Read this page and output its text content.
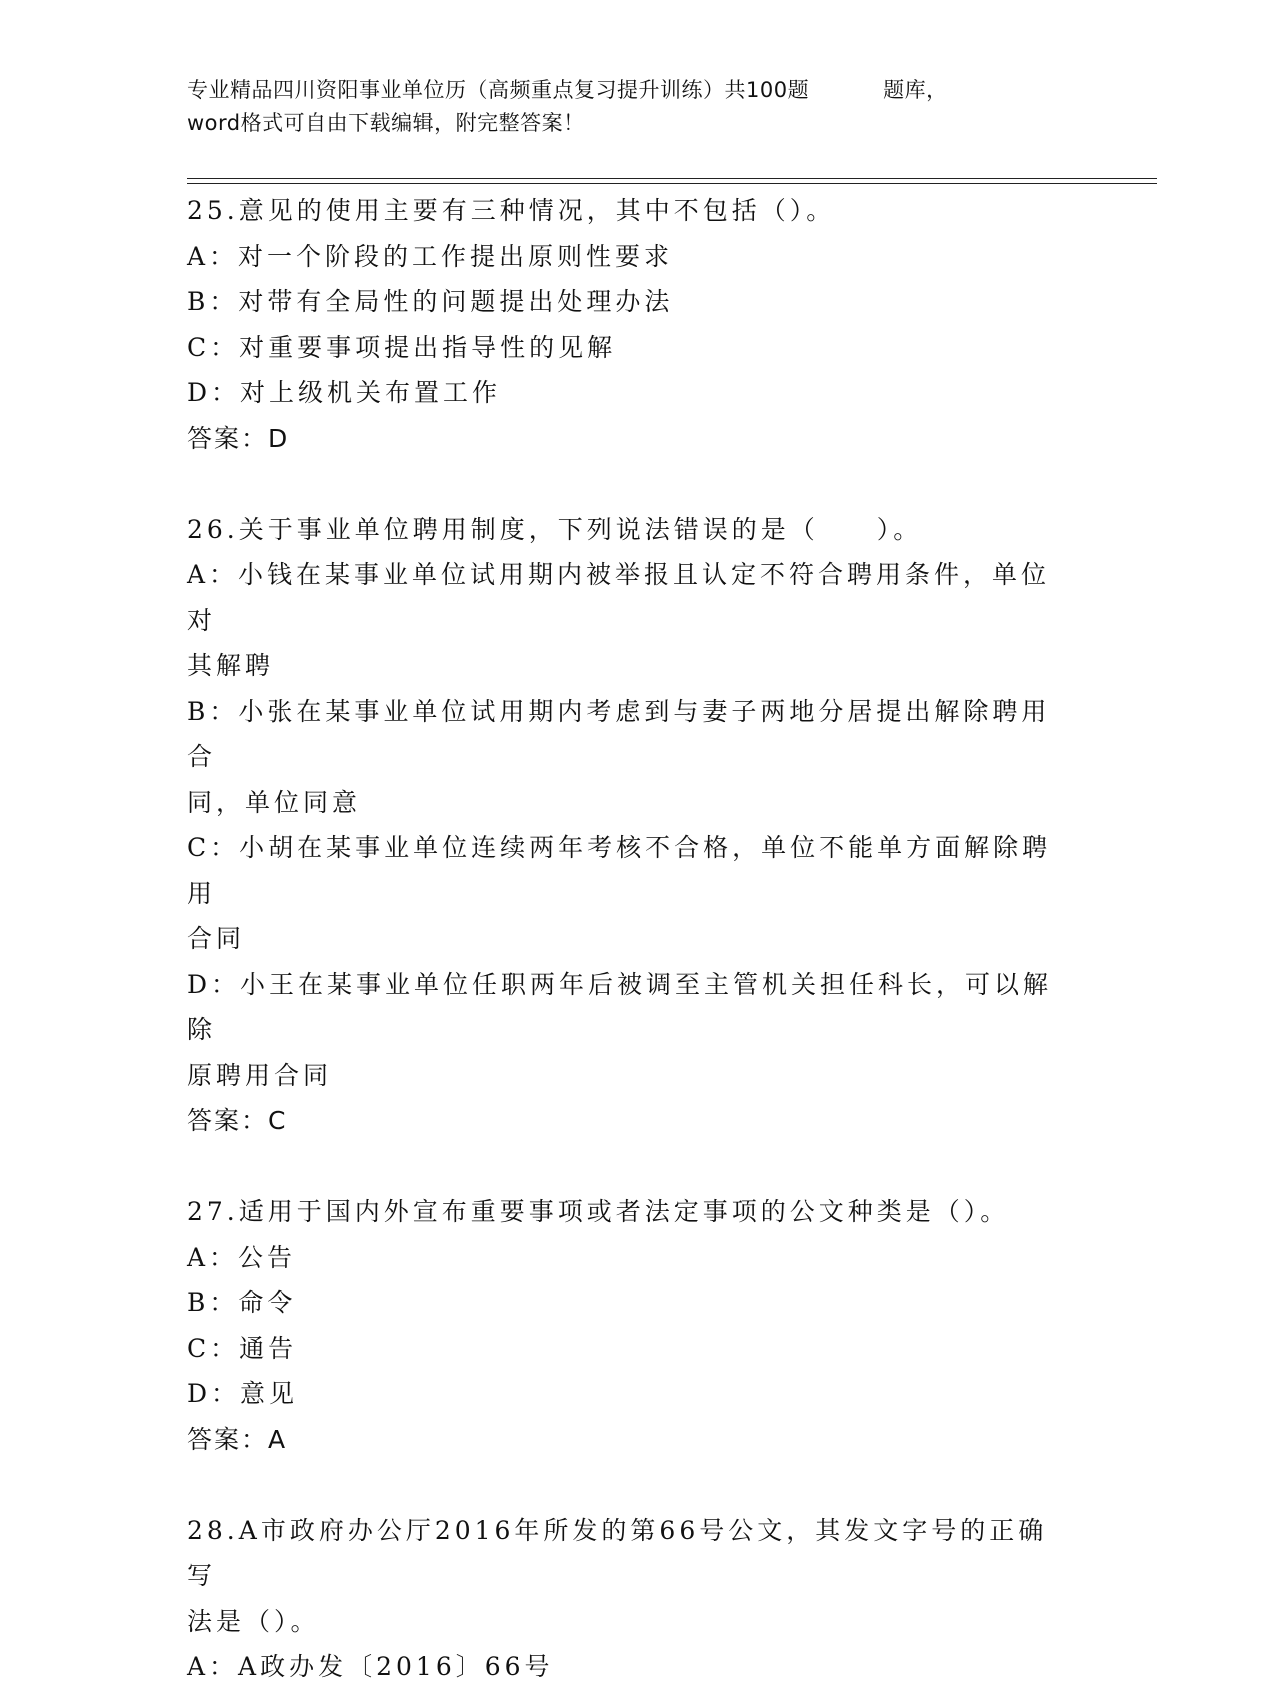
专业精品四川资阳事业单位历（高频重点复习提升训练）共100题	题库，
word格式可自由下载编辑，附完整答案！
25.意见的使用主要有三种情况，其中不包括（）。
A：对一个阶段的工作提出原则性要求
B：对带有全局性的问题提出处理办法
C：对重要事项提出指导性的见解
D：对上级机关布置工作
答案：D
26.关于事业单位聘用制度，下列说法错误的是（　　）。
A：小钱在某事业单位试用期内被举报且认定不符合聘用条件，单位对
其解聘
B：小张在某事业单位试用期内考虑到与妻子两地分居提出解除聘用合
同，单位同意
C：小胡在某事业单位连续两年考核不合格，单位不能单方面解除聘用
合同
D：小王在某事业单位任职两年后被调至主管机关担任科长，可以解除
原聘用合同
答案：C
27.适用于国内外宣布重要事项或者法定事项的公文种类是（）。
A：公告
B：命令
C：通告
D：意见
答案：A
28.A市政府办公厅2016年所发的第66号公文，其发文字号的正确写
法是（）。
A：A政办发〔2016〕66号
